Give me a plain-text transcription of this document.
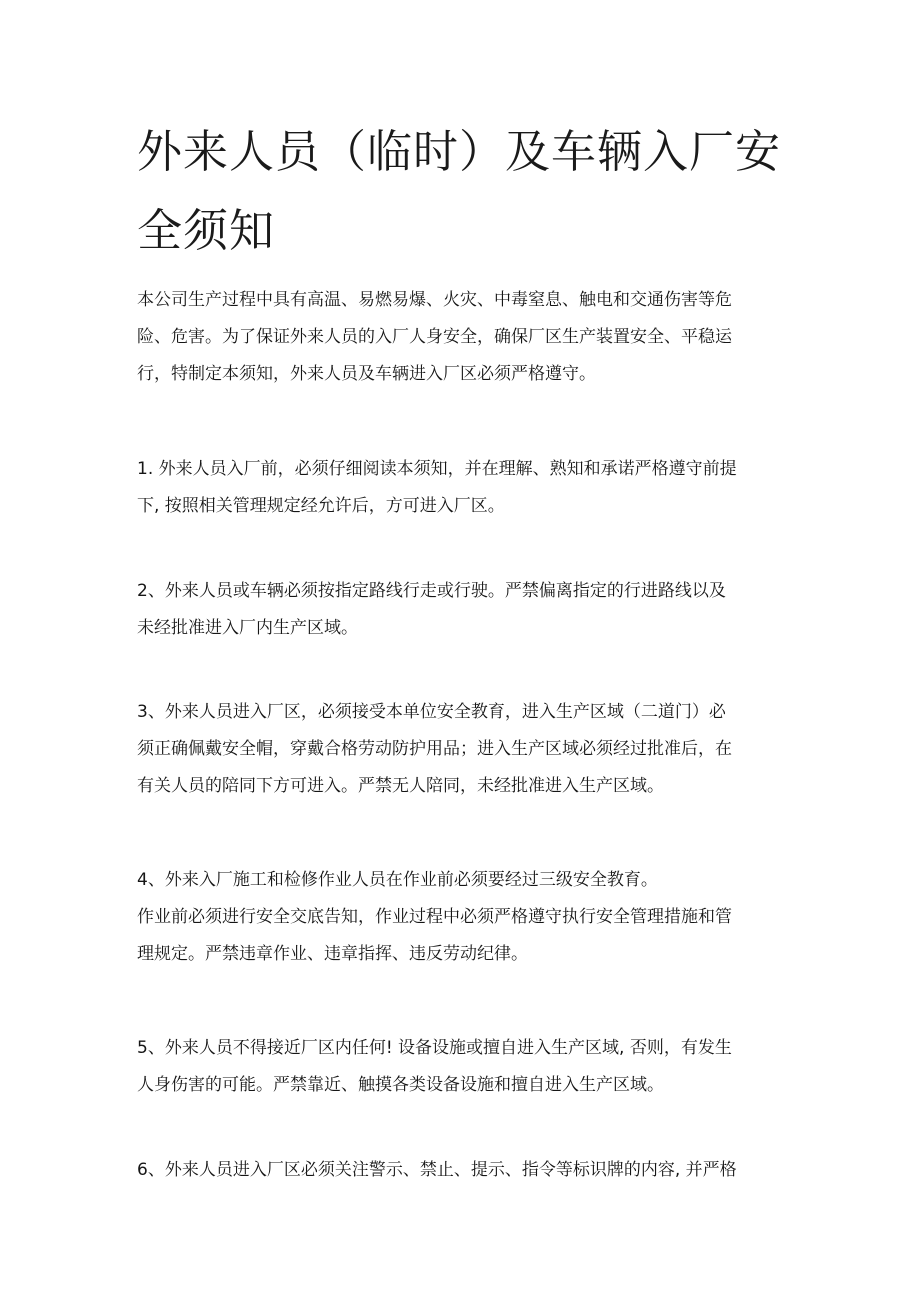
外来人员（临时）及车辆入厂安全须知

本公司生产过程中具有高温、易燃易爆、火灾、中毒窒息、触电和交通伤害等危
险、危害。为了保证外来人员的入厂人身安全，确保厂区生产装置安全、平稳运
行，特制定本须知，外来人员及车辆进入厂区必须严格遵守。

1. 外来人员入厂前，必须仔细阅读本须知，并在理解、熟知和承诺严格遵守前提
下, 按照相关管理规定经允许后，方可进入厂区。

2、外来人员或车辆必须按指定路线行走或行驶。严禁偏离指定的行进路线以及
未经批准进入厂内生产区域。

3、外来人员进入厂区，必须接受本单位安全教育，进入生产区域（二道门）必
须正确佩戴安全帽，穿戴合格劳动防护用品；进入生产区域必须经过批准后，在
有关人员的陪同下方可进入。严禁无人陪同，未经批准进入生产区域。

4、外来入厂施工和检修作业人员在作业前必须要经过三级安全教育。
作业前必须进行安全交底告知，作业过程中必须严格遵守执行安全管理措施和管
理规定。严禁违章作业、违章指挥、违反劳动纪律。

5、外来人员不得接近厂区内任何! 设备设施或擅自进入生产区域, 否则，有发生
人身伤害的可能。严禁靠近、触摸各类设备设施和擅自进入生产区域。

6、外来人员进入厂区必须关注警示、禁止、提示、指令等标识牌的内容, 并严格
